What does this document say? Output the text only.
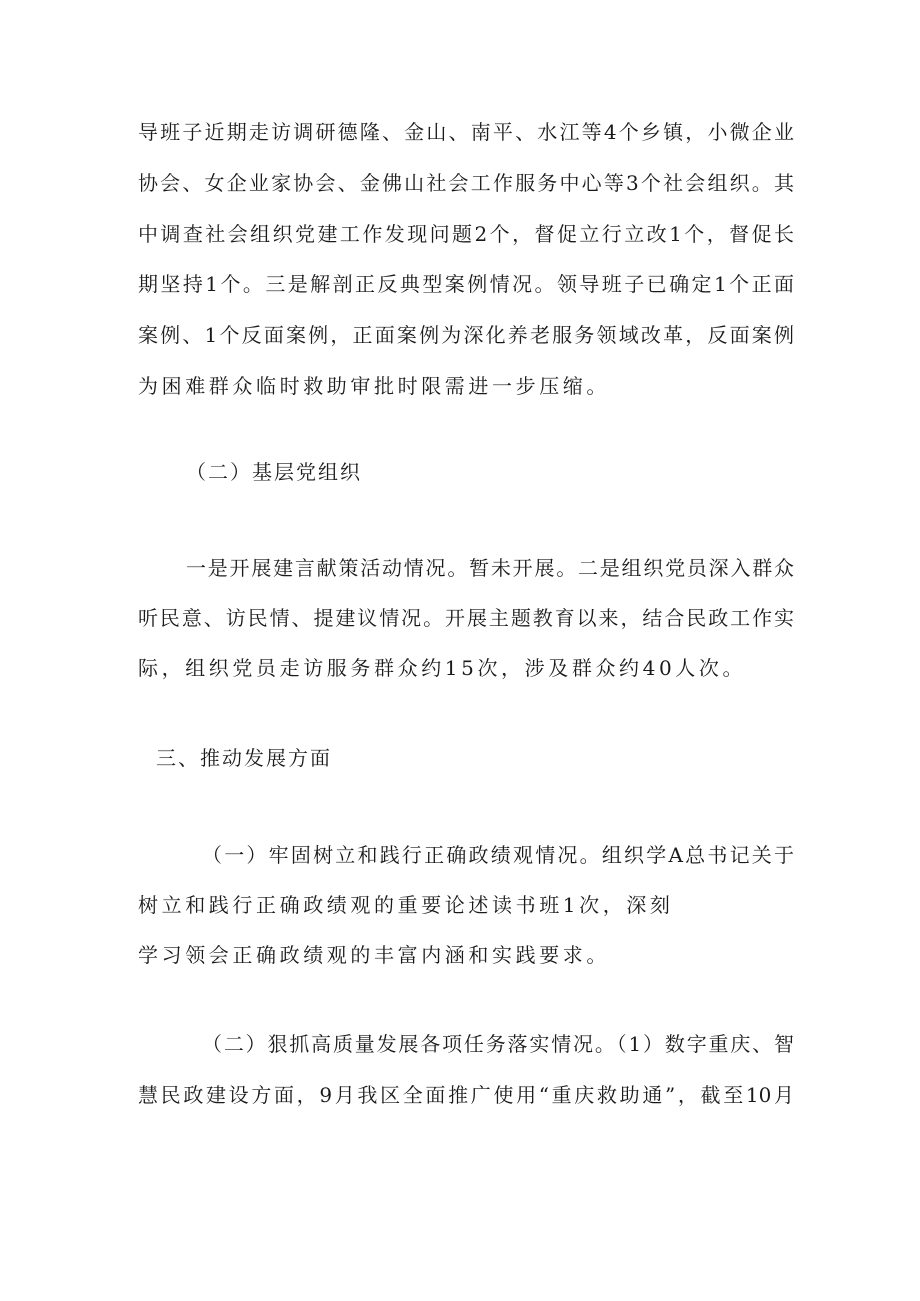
导班子近期走访调研德隆、金山、南平、水江等4个乡镇，小微企业
协会、女企业家协会、金佛山社会工作服务中心等3个社会组织。其
中调查社会组织党建工作发现问题2个，督促立行立改1个，督促长
期坚持1个。三是解剖正反典型案例情况。领导班子已确定1个正面
案例、1个反面案例，正面案例为深化养老服务领域改革，反面案例
为困难群众临时救助审批时限需进一步压缩。
（二）基层党组织
一是开展建言献策活动情况。暂未开展。二是组织党员深入群众
听民意、访民情、提建议情况。开展主题教育以来，结合民政工作实
际，组织党员走访服务群众约15次，涉及群众约40人次。
三、推动发展方面
（一）牢固树立和践行正确政绩观情况。组织学A总书记关于
树立和践行正确政绩观的重要论述读书班1次，深刻
学习领会正确政绩观的丰富内涵和实践要求。
（二）狠抓高质量发展各项任务落实情况。（1）数字重庆、智
慧民政建设方面，9月我区全面推广使用“重庆救助通”，截至10月
